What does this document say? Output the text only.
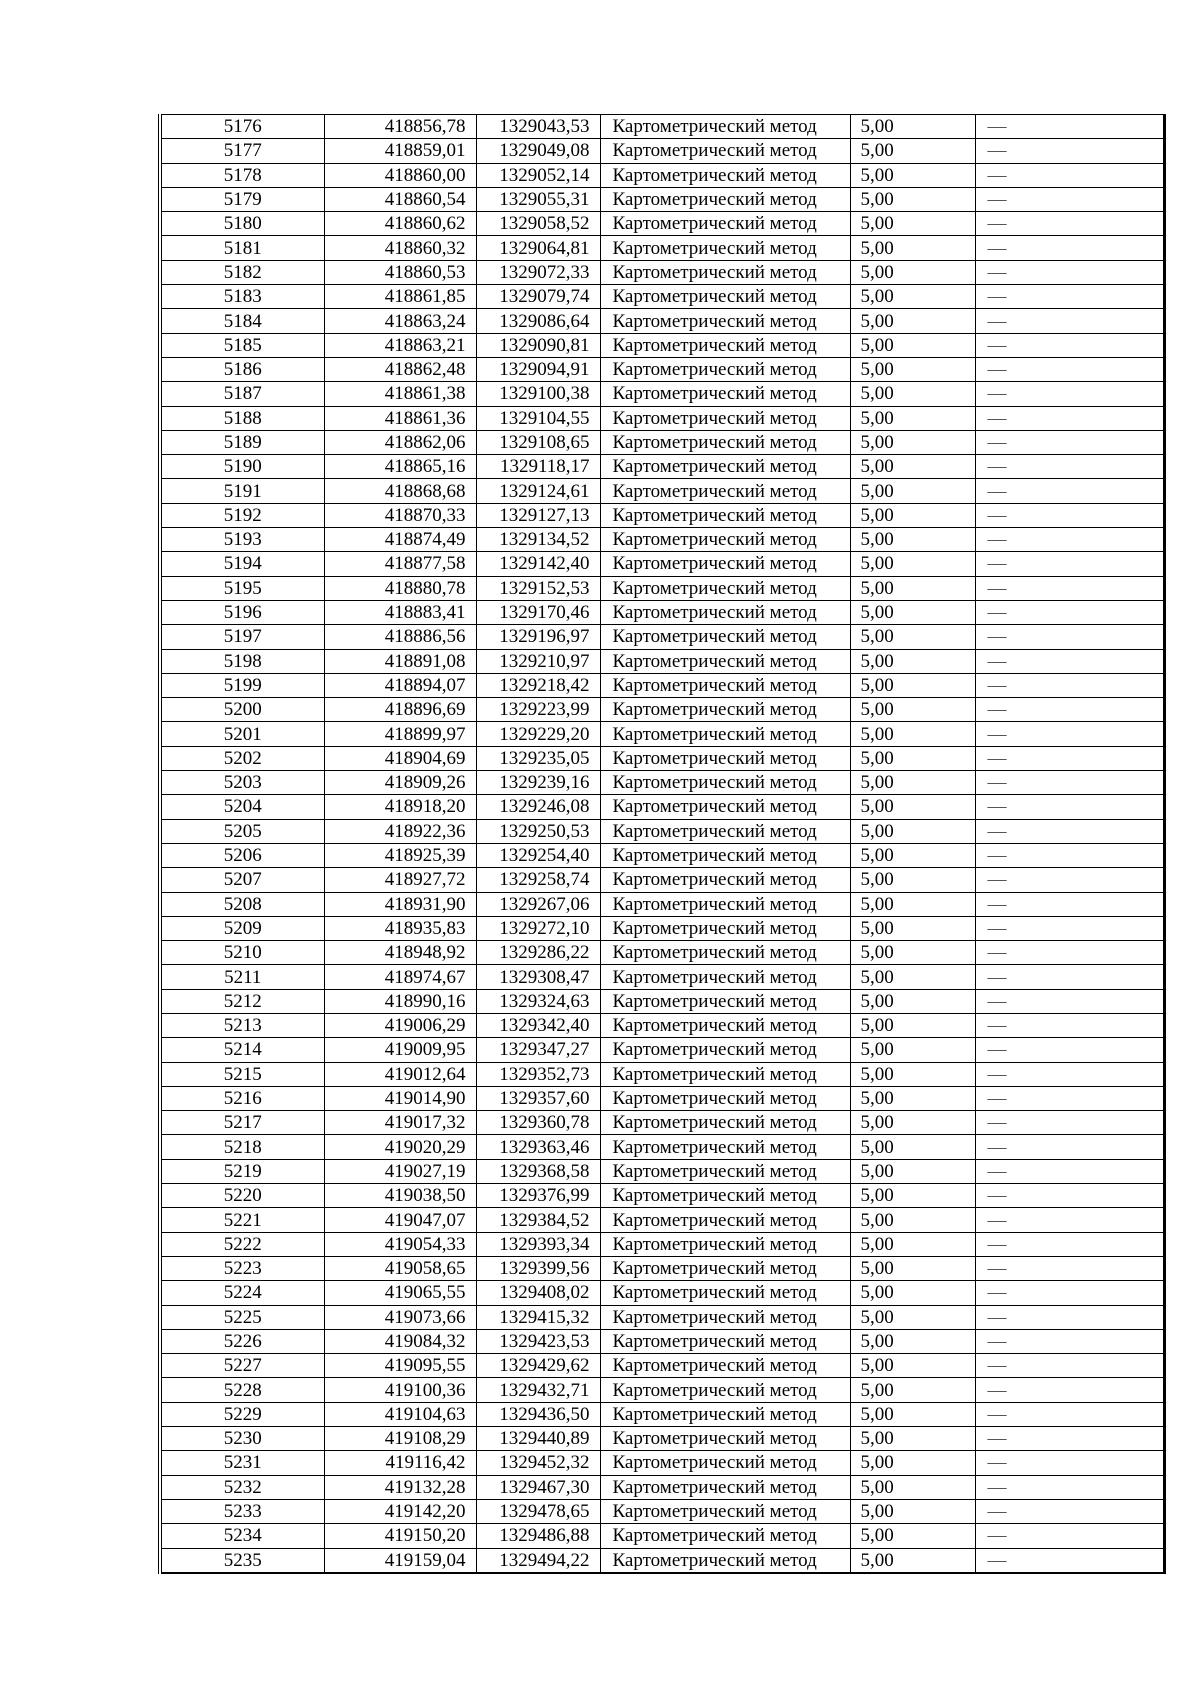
5176	418856,78	1329043,53	Картометрический метод	5,00	—
5177	418859,01	1329049,08	Картометрический метод	5,00	—
5178	418860,00	1329052,14	Картометрический метод	5,00	—
5179	418860,54	1329055,31	Картометрический метод	5,00	—
5180	418860,62	1329058,52	Картометрический метод	5,00	—
5181	418860,32	1329064,81	Картометрический метод	5,00	—
5182	418860,53	1329072,33	Картометрический метод	5,00	—
5183	418861,85	1329079,74	Картометрический метод	5,00	—
5184	418863,24	1329086,64	Картометрический метод	5,00	—
5185	418863,21	1329090,81	Картометрический метод	5,00	—
5186	418862,48	1329094,91	Картометрический метод	5,00	—
5187	418861,38	1329100,38	Картометрический метод	5,00	—
5188	418861,36	1329104,55	Картометрический метод	5,00	—
5189	418862,06	1329108,65	Картометрический метод	5,00	—
5190	418865,16	1329118,17	Картометрический метод	5,00	—
5191	418868,68	1329124,61	Картометрический метод	5,00	—
5192	418870,33	1329127,13	Картометрический метод	5,00	—
5193	418874,49	1329134,52	Картометрический метод	5,00	—
5194	418877,58	1329142,40	Картометрический метод	5,00	—
5195	418880,78	1329152,53	Картометрический метод	5,00	—
5196	418883,41	1329170,46	Картометрический метод	5,00	—
5197	418886,56	1329196,97	Картометрический метод	5,00	—
5198	418891,08	1329210,97	Картометрический метод	5,00	—
5199	418894,07	1329218,42	Картометрический метод	5,00	—
5200	418896,69	1329223,99	Картометрический метод	5,00	—
5201	418899,97	1329229,20	Картометрический метод	5,00	—
5202	418904,69	1329235,05	Картометрический метод	5,00	—
5203	418909,26	1329239,16	Картометрический метод	5,00	—
5204	418918,20	1329246,08	Картометрический метод	5,00	—
5205	418922,36	1329250,53	Картометрический метод	5,00	—
5206	418925,39	1329254,40	Картометрический метод	5,00	—
5207	418927,72	1329258,74	Картометрический метод	5,00	—
5208	418931,90	1329267,06	Картометрический метод	5,00	—
5209	418935,83	1329272,10	Картометрический метод	5,00	—
5210	418948,92	1329286,22	Картометрический метод	5,00	—
5211	418974,67	1329308,47	Картометрический метод	5,00	—
5212	418990,16	1329324,63	Картометрический метод	5,00	—
5213	419006,29	1329342,40	Картометрический метод	5,00	—
5214	419009,95	1329347,27	Картометрический метод	5,00	—
5215	419012,64	1329352,73	Картометрический метод	5,00	—
5216	419014,90	1329357,60	Картометрический метод	5,00	—
5217	419017,32	1329360,78	Картометрический метод	5,00	—
5218	419020,29	1329363,46	Картометрический метод	5,00	—
5219	419027,19	1329368,58	Картометрический метод	5,00	—
5220	419038,50	1329376,99	Картометрический метод	5,00	—
5221	419047,07	1329384,52	Картометрический метод	5,00	—
5222	419054,33	1329393,34	Картометрический метод	5,00	—
5223	419058,65	1329399,56	Картометрический метод	5,00	—
5224	419065,55	1329408,02	Картометрический метод	5,00	—
5225	419073,66	1329415,32	Картометрический метод	5,00	—
5226	419084,32	1329423,53	Картометрический метод	5,00	—
5227	419095,55	1329429,62	Картометрический метод	5,00	—
5228	419100,36	1329432,71	Картометрический метод	5,00	—
5229	419104,63	1329436,50	Картометрический метод	5,00	—
5230	419108,29	1329440,89	Картометрический метод	5,00	—
5231	419116,42	1329452,32	Картометрический метод	5,00	—
5232	419132,28	1329467,30	Картометрический метод	5,00	—
5233	419142,20	1329478,65	Картометрический метод	5,00	—
5234	419150,20	1329486,88	Картометрический метод	5,00	—
5235	419159,04	1329494,22	Картометрический метод	5,00	—
